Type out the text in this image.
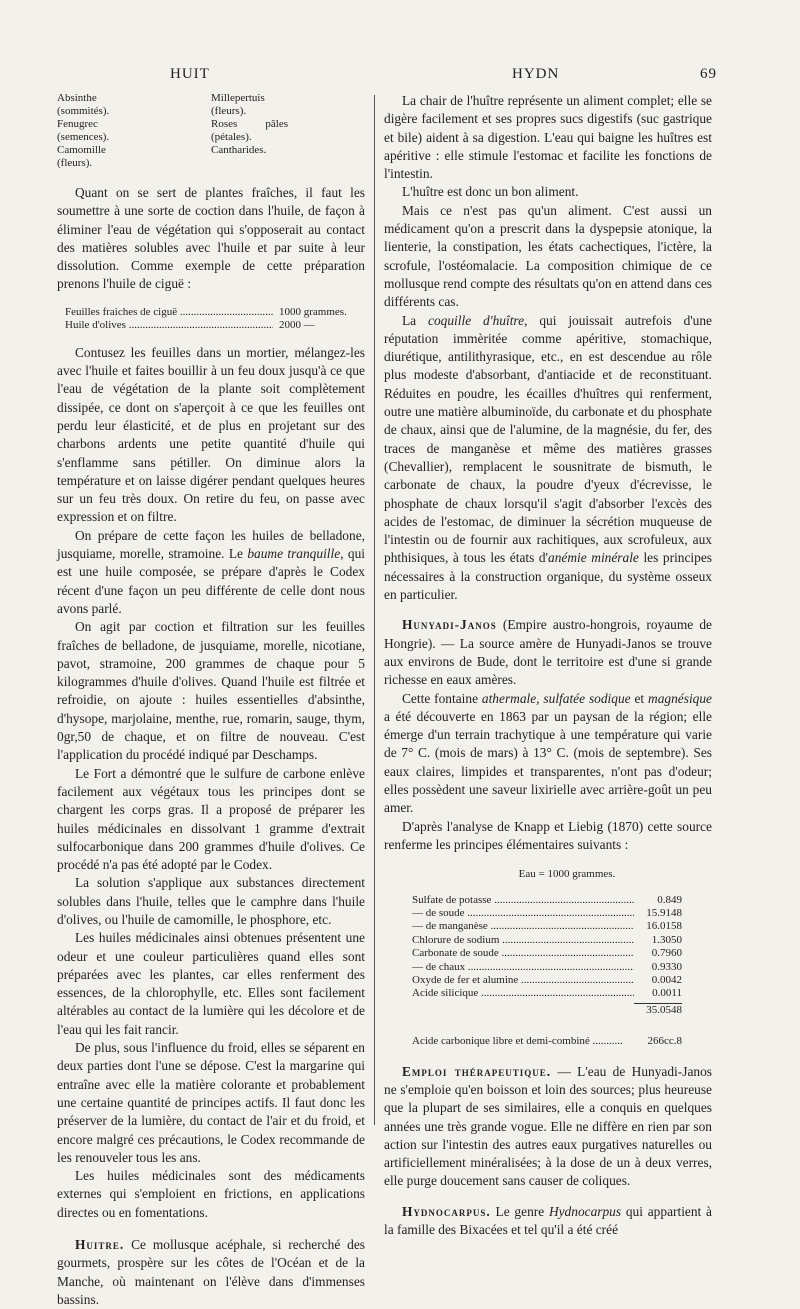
HUIT	HYDN	69
Absinthe (sommités).
Fenugrec (semences).
Camomille (fleurs).
Millepertuis (fleurs).
Roses pâles (pétales).
Cantharides.

Quant on se sert de plantes fraîches, il faut les soumettre à une sorte de coction dans l'huile, de façon à éliminer l'eau de végétation qui s'opposerait au contact des matières solubles avec l'huile et par suite à leur dissolution. Comme exemple de cette préparation prenons l'huile de ciguë :

Feuilles fraiches de ciguë .....	1000 grammes.
Huile d'olives .....	2000 —

Contusez les feuilles dans un mortier, mélangez-les avec l'huile et faites bouillir à un feu doux jusqu'à ce que l'eau de végétation de la plante soit complètement dissipée, ce dont on s'aperçoit à ce que les feuilles ont perdu leur élasticité, et de plus en projetant sur des charbons ardents une petite quantité d'huile qui s'enflamme sans pétiller. On diminue alors la température et on laisse digérer pendant quelques heures sur un feu très doux. On retire du feu, on passe avec expression et on filtre.

On prépare de cette façon les huiles de belladone, jusquiame, morelle, stramoine. Le baume tranquille, qui est une huile composée, se prépare d'après le Codex récent d'une façon un peu différente de celle dont nous avons parlé.

On agit par coction et filtration sur les feuilles fraîches de belladone, de jusquiame, morelle, nicotiane, pavot, stramoine, 200 grammes de chaque pour 5 kilogrammes d'huile d'olives. Quand l'huile est filtrée et refroidie, on ajoute : huiles essentielles d'absinthe, d'hysope, marjolaine, menthe, rue, romarin, sauge, thym, 0gr,50 de chaque, et on filtre de nouveau. C'est l'application du procédé indiqué par Deschamps.

Le Fort a démontré que le sulfure de carbone enlève facilement aux végétaux tous les principes dont se chargent les corps gras. Il a proposé de préparer les huiles médicinales en dissolvant 1 gramme d'extrait sulfocarbonique dans 200 grammes d'huile d'olives. Ce procédé n'a pas été adopté par le Codex.

La solution s'applique aux substances directement solubles dans l'huile, telles que le camphre dans l'huile d'olives, ou l'huile de camomille, le phosphore, etc.

Les huiles médicinales ainsi obtenues présentent une odeur et une couleur particulières quand elles sont préparées avec les plantes, car elles renferment des essences, de la chlorophylle, etc. Elles sont facilement altérables au contact de la lumière qui les décolore et de l'eau qui les fait rancir.

De plus, sous l'influence du froid, elles se séparent en deux parties dont l'une se dépose. C'est la margarine qui entraîne avec elle la matière colorante et probablement une certaine quantité de principes actifs. Il faut donc les préserver de la lumière, du contact de l'air et du froid, et encore malgré ces précautions, le Codex recommande de les renouveler tous les ans.

Les huiles médicinales sont des médicaments externes qui s'emploient en frictions, en applications directes ou en fomentations.

Huitre. Ce mollusque acéphale, si recherché des gourmets, prospère sur les côtes de l'Océan et de la Manche, où maintenant on l'élève dans d'immenses bassins.

La chair de l'huître représente un aliment complet; elle se digère facilement et ses propres sucs digestifs (suc gastrique et bile) aident à sa digestion. L'eau qui baigne les huîtres est apéritive : elle stimule l'estomac et facilite les fonctions de l'intestin.

L'huître est donc un bon aliment.

Mais ce n'est pas qu'un aliment. C'est aussi un médicament qu'on a prescrit dans la dyspepsie atonique, la lienterie, la constipation, les états cachectiques, l'ictère, la scrofule, l'ostéomalacie. La composition chimique de ce mollusque rend compte des résultats qu'on en attend dans ces différents cas.

La coquille d'huître, qui jouissait autrefois d'une réputation immèritée comme apéritive, stomachique, diurétique, antilithyrasique, etc., en est descendue au rôle plus modeste d'absorbant, d'antiacide et de reconstituant. Réduites en poudre, les écailles d'huîtres qui renferment, outre une matière albuminoïde, du carbonate et du phosphate de chaux, ainsi que de l'alumine, de la magnésie, du fer, des traces de manganèse et même des matières grasses (Chevallier), remplacent le sousnitrate de bismuth, le carbonate de chaux, la poudre d'yeux d'écrevisse, le phosphate de chaux lorsqu'il s'agit d'absorber l'excès des acides de l'estomac, de diminuer la sécrétion muqueuse de l'intestin ou de fournir aux rachitiques, aux scrofuleux, aux phthisiques, à tous les états d'anémie minérale les principes nécessaires à la construction organique, du système osseux en particulier.

Hunyadi-Janos (Empire austro-hongrois, royaume de Hongrie). — La source amère de Hunyadi-Janos se trouve aux environs de Bude, dont le territoire est d'une si grande richesse en eaux amères.

Cette fontaine athermale, sulfatée sodique et magnésique a été découverte en 1863 par un paysan de la région; elle émerge d'un terrain trachytique à une température qui varie de 7° C. (mois de mars) à 13° C. (mois de septembre). Ses eaux claires, limpides et transparentes, n'ont pas d'odeur; elles possèdent une saveur lixirielle avec arrière-goût un peu amer.

D'après l'analyse de Knapp et Liebig (1870) cette source renferme les principes élémentaires suivants :

Eau = 1000 grammes.
Sulfate de potasse .....	0.849
— de soude .....	15.9148
— de manganèse .....	16.0158
Chlorure de sodium .....	1.3050
Carbonate de soude .....	0.7960
— de chaux .....	0.9330
Oxyde de fer et alumine .....	0.0042
Acide silicique .....	0.0011
35.0548
Acide carbonique libre et demi-combiné .....	266cc.8

Emploi thérapeutique. — L'eau de Hunyadi-Janos ne s'emploie qu'en boisson et loin des sources; plus heureuse que la plupart de ses similaires, elle a conquis en quelques années une très grande vogue. Elle ne diffère en rien par son action sur l'intestin des autres eaux purgatives naturelles ou artificiellement minéralisées; à la dose de un à deux verres, elle purge doucement sans causer de coliques.

Hydnocarpus. Le genre Hydnocarpus qui appartient à la famille des Bixacées et tel qu'il a été créé
